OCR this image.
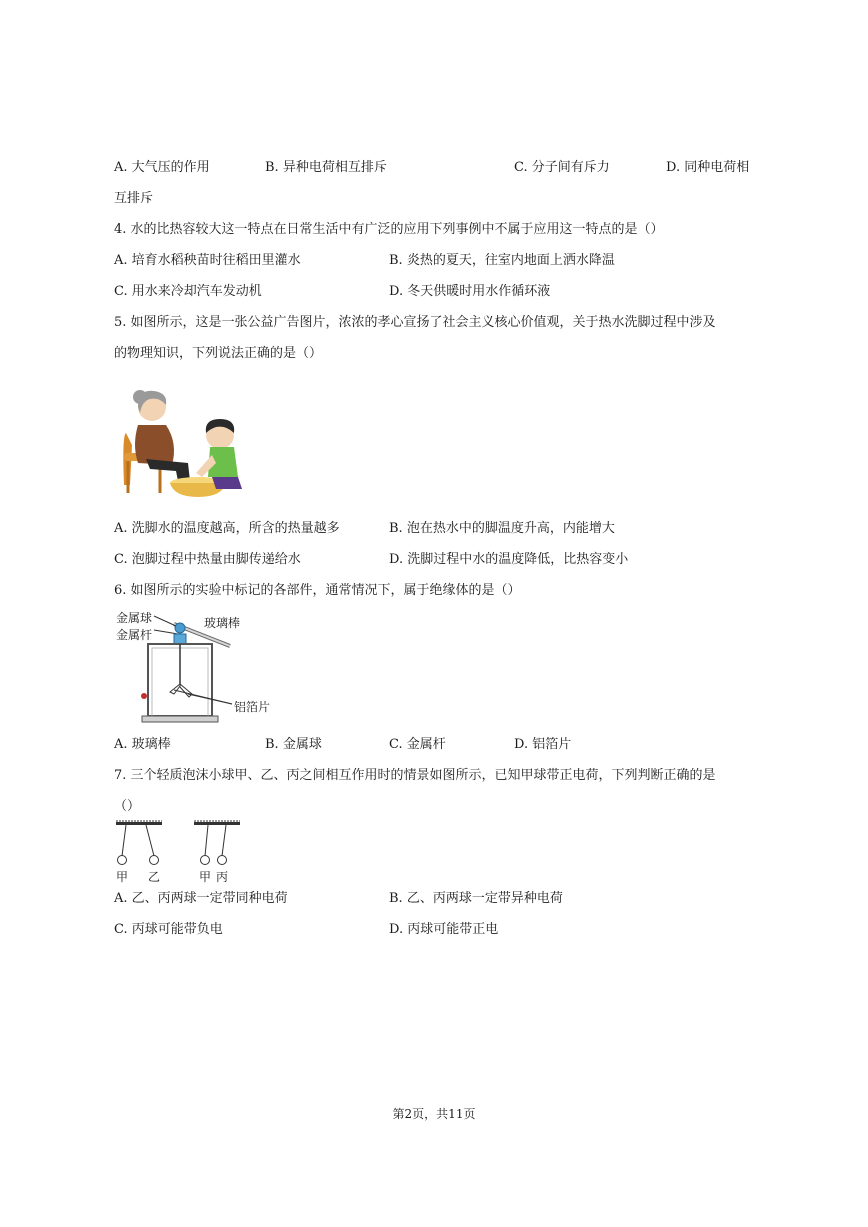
A. 大气压的作用	B. 异种电荷相互排斥	C. 分子间有斥力	D. 同种电荷相
互排斥
4. 水的比热容较大这一特点在日常生活中有广泛的应用下列事例中不属于应用这一特点的是（）
A. 培育水稻秧苗时往稻田里灌水	B. 炎热的夏天，往室内地面上洒水降温
C. 用水来冷却汽车发动机	D. 冬天供暖时用水作循环液
5. 如图所示，这是一张公益广告图片，浓浓的孝心宣扬了社会主义核心价值观，关于热水洗脚过程中涉及
的物理知识，下列说法正确的是（）
A. 洗脚水的温度越高，所含的热量越多	B. 泡在热水中的脚温度升高，内能增大
C. 泡脚过程中热量由脚传递给水	D. 洗脚过程中水的温度降低，比热容变小
6. 如图所示的实验中标记的各部件，通常情况下，属于绝缘体的是（）
金属球
金属杆
玻璃棒
铝箔片
A. 玻璃棒	B. 金属球	C. 金属杆	D. 铝箔片
7. 三个轻质泡沫小球甲、乙、丙之间相互作用时的情景如图所示，已知甲球带正电荷，下列判断正确的是
（）
甲 乙	甲 丙
A. 乙、丙两球一定带同种电荷	B. 乙、丙两球一定带异种电荷
C. 丙球可能带负电	D. 丙球可能带正电
第2页，共11页
